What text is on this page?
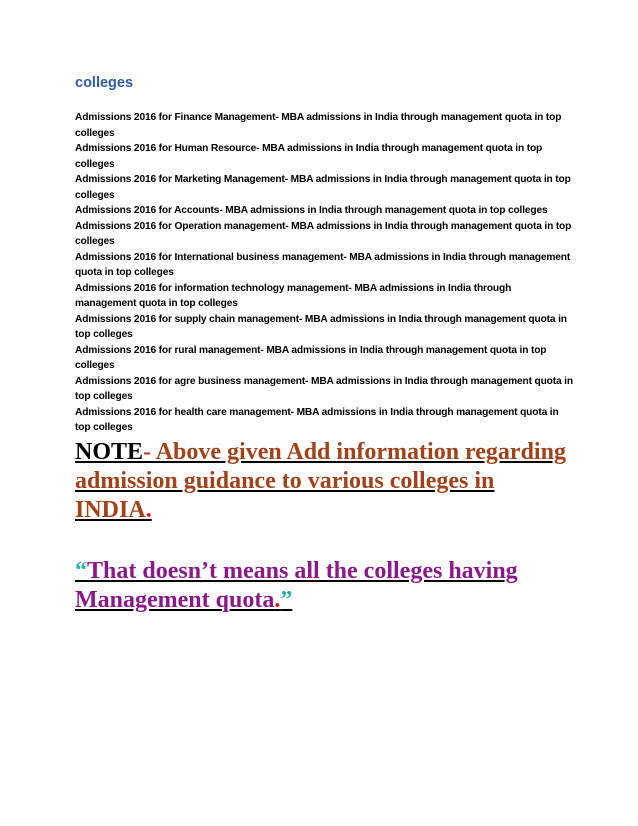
colleges

Admissions 2016 for Finance Management- MBA admissions in India through management quota in top colleges

Admissions 2016 for Human Resource- MBA admissions in India through management quota in top colleges

Admissions 2016 for Marketing Management- MBA admissions in India through management quota in top colleges

Admissions 2016 for Accounts- MBA admissions in India through management quota in top colleges

Admissions 2016 for Operation management- MBA admissions in India through management quota in top colleges

Admissions 2016 for International business management- MBA admissions in India through management quota in top colleges

Admissions 2016 for information technology management- MBA admissions in India through management quota in top colleges

Admissions 2016 for supply chain management- MBA admissions in India through management quota in top colleges

Admissions 2016 for rural management- MBA admissions in India through management quota in top colleges

Admissions 2016 for agre business management- MBA admissions in India through management quota in top colleges

Admissions 2016 for health care management- MBA admissions in India through management quota in top colleges

NOTE- Above given Add information regarding admission guidance to various colleges in INDIA.
“That doesn’t means all the colleges having Management quota.”
